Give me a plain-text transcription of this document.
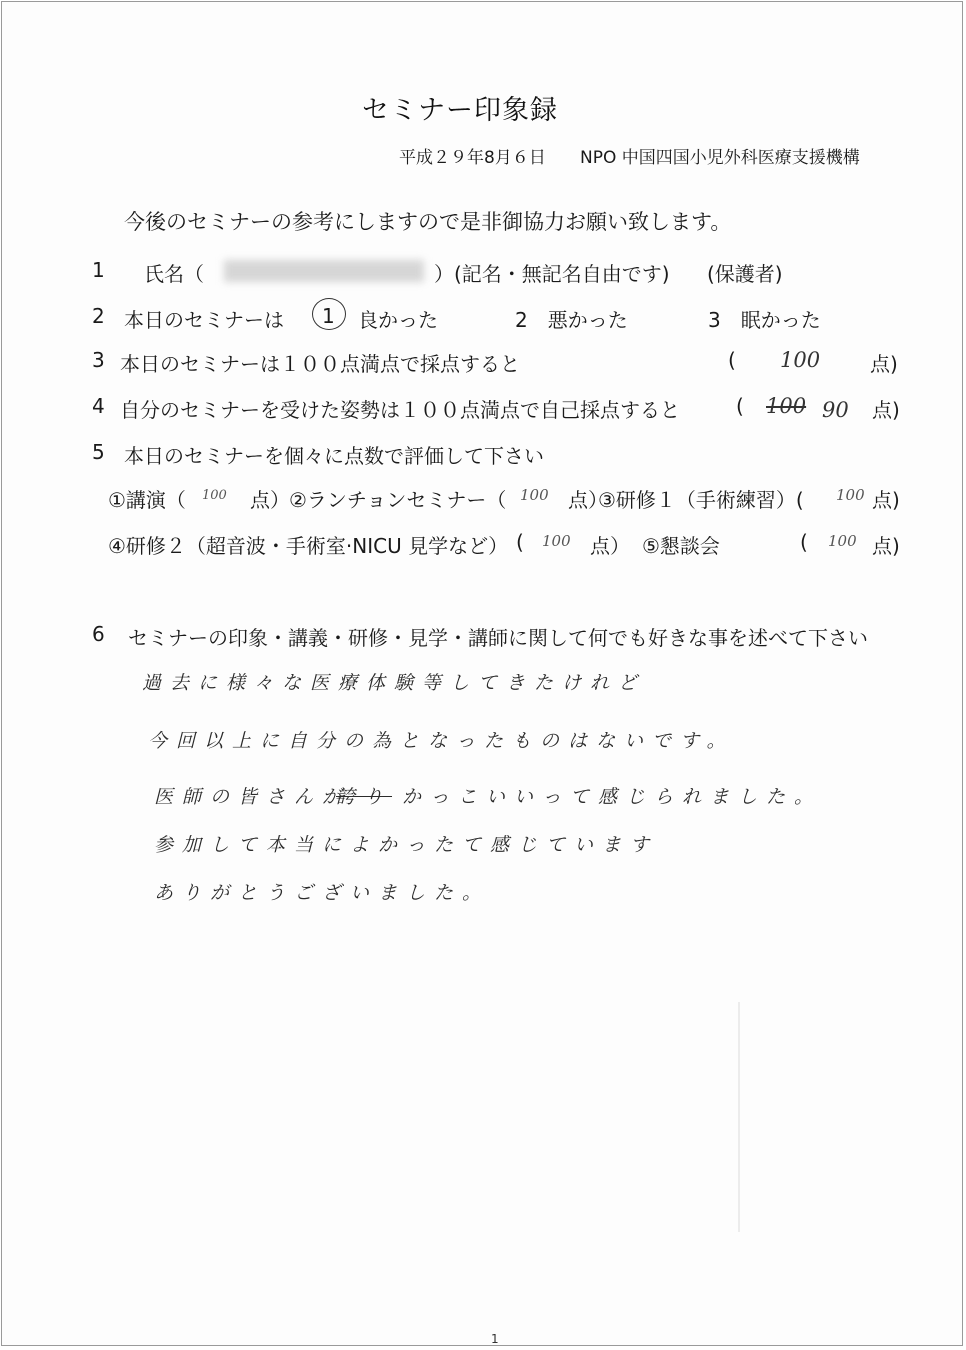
セミナー印象録
平成２９年8月６日 NPO 中国四国小児外科医療支援機構
今後のセミナーの参考にしますので是非御協力お願い致します。
1 氏名（	）(記名・無記名自由です) (保護者)
2 本日のセミナーは 1 良かった	2　悪かった	3　眠かった
3 本日のセミナーは１００点満点で採点すると	( 100 点)
4 自分のセミナーを受けた姿勢は１００点満点で自己採点すると	( 100 90 点)
5 本日のセミナーを個々に点数で評価して下さい
①講演（ 100 点） ②ランチョンセミナー（ 100 点）
③研修１（手術練習）( 100 点)
④研修２（超音波・手術室·NICU 見学など） ( 100 点） ⑤懇談会	( 100 点)
6 セミナーの印象・講義・研修・見学・講師に関して何でも好きな事を述べて下さい
過去に様々な医療体験等してきたけれど
今回以上に自分の為となったものはないです。
医師の皆さんが
誇り かっこいいって感じられました。
参加して本当によかったて感じています
ありがとうございました。
1
